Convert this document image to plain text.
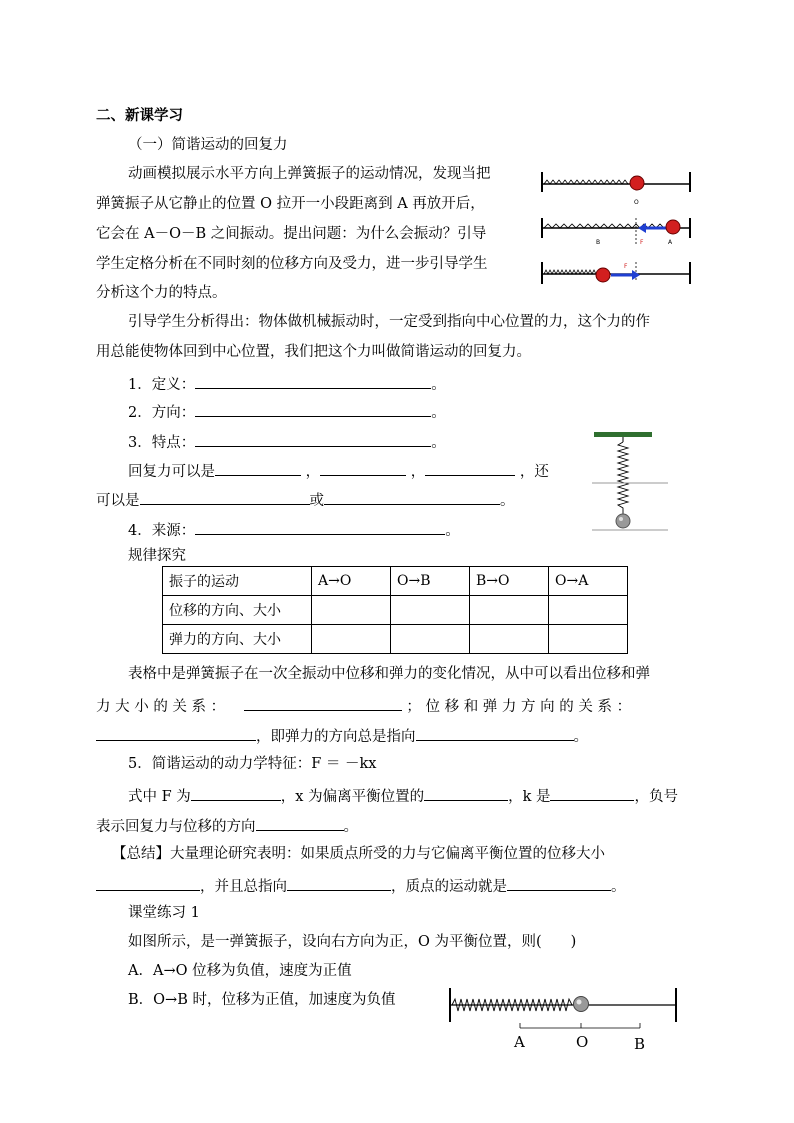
二、新课学习
（一）简谐运动的回复力
动画模拟展示水平方向上弹簧振子的运动情况，发现当把
弹簧振子从它静止的位置 O 拉开一小段距离到 A 再放开后，
它会在 A－O－B 之间振动。提出问题：为什么会振动？引导
学生定格分析在不同时刻的位移方向及受力，进一步引导学生
分析这个力的特点。
O
B	F	A
F
引导学生分析得出：物体做机械振动时，一定受到指向中心位置的力，这个力的作
用总能使物体回到中心位置，我们把这个力叫做简谐运动的回复力。
1．定义：	。
2．方向：	。
3．特点：	。
回复力可以是	，	，	，还
可以是	或	。
4．来源：	。
规律探究
振子的运动	A→O	O→B	B→O	O→A
位移的方向、大小				
弹力的方向、大小				
表格中是弹簧振子在一次全振动中位移和弹力的变化情况，从中可以看出位移和弹
力 大 小 的 关 系 ：	； 位 移 和 弹 力 方 向 的 关 系 ：
，即弹力的方向总是指向	。
5．简谐运动的动力学特征：F ＝ －kx
式中 F 为	，x 为偏离平衡位置的	，k 是	，负号
表示回复力与位移的方向	。
【总结】大量理论研究表明：如果质点所受的力与它偏离平衡位置的位移大小
，并且总指向	，质点的运动就是	。
课堂练习 1
如图所示，是一弹簧振子，设向右方向为正，O 为平衡位置，则(　　)
A．A→O 位移为负值，速度为正值
B．O→B 时，位移为正值，加速度为负值
A	O	B
